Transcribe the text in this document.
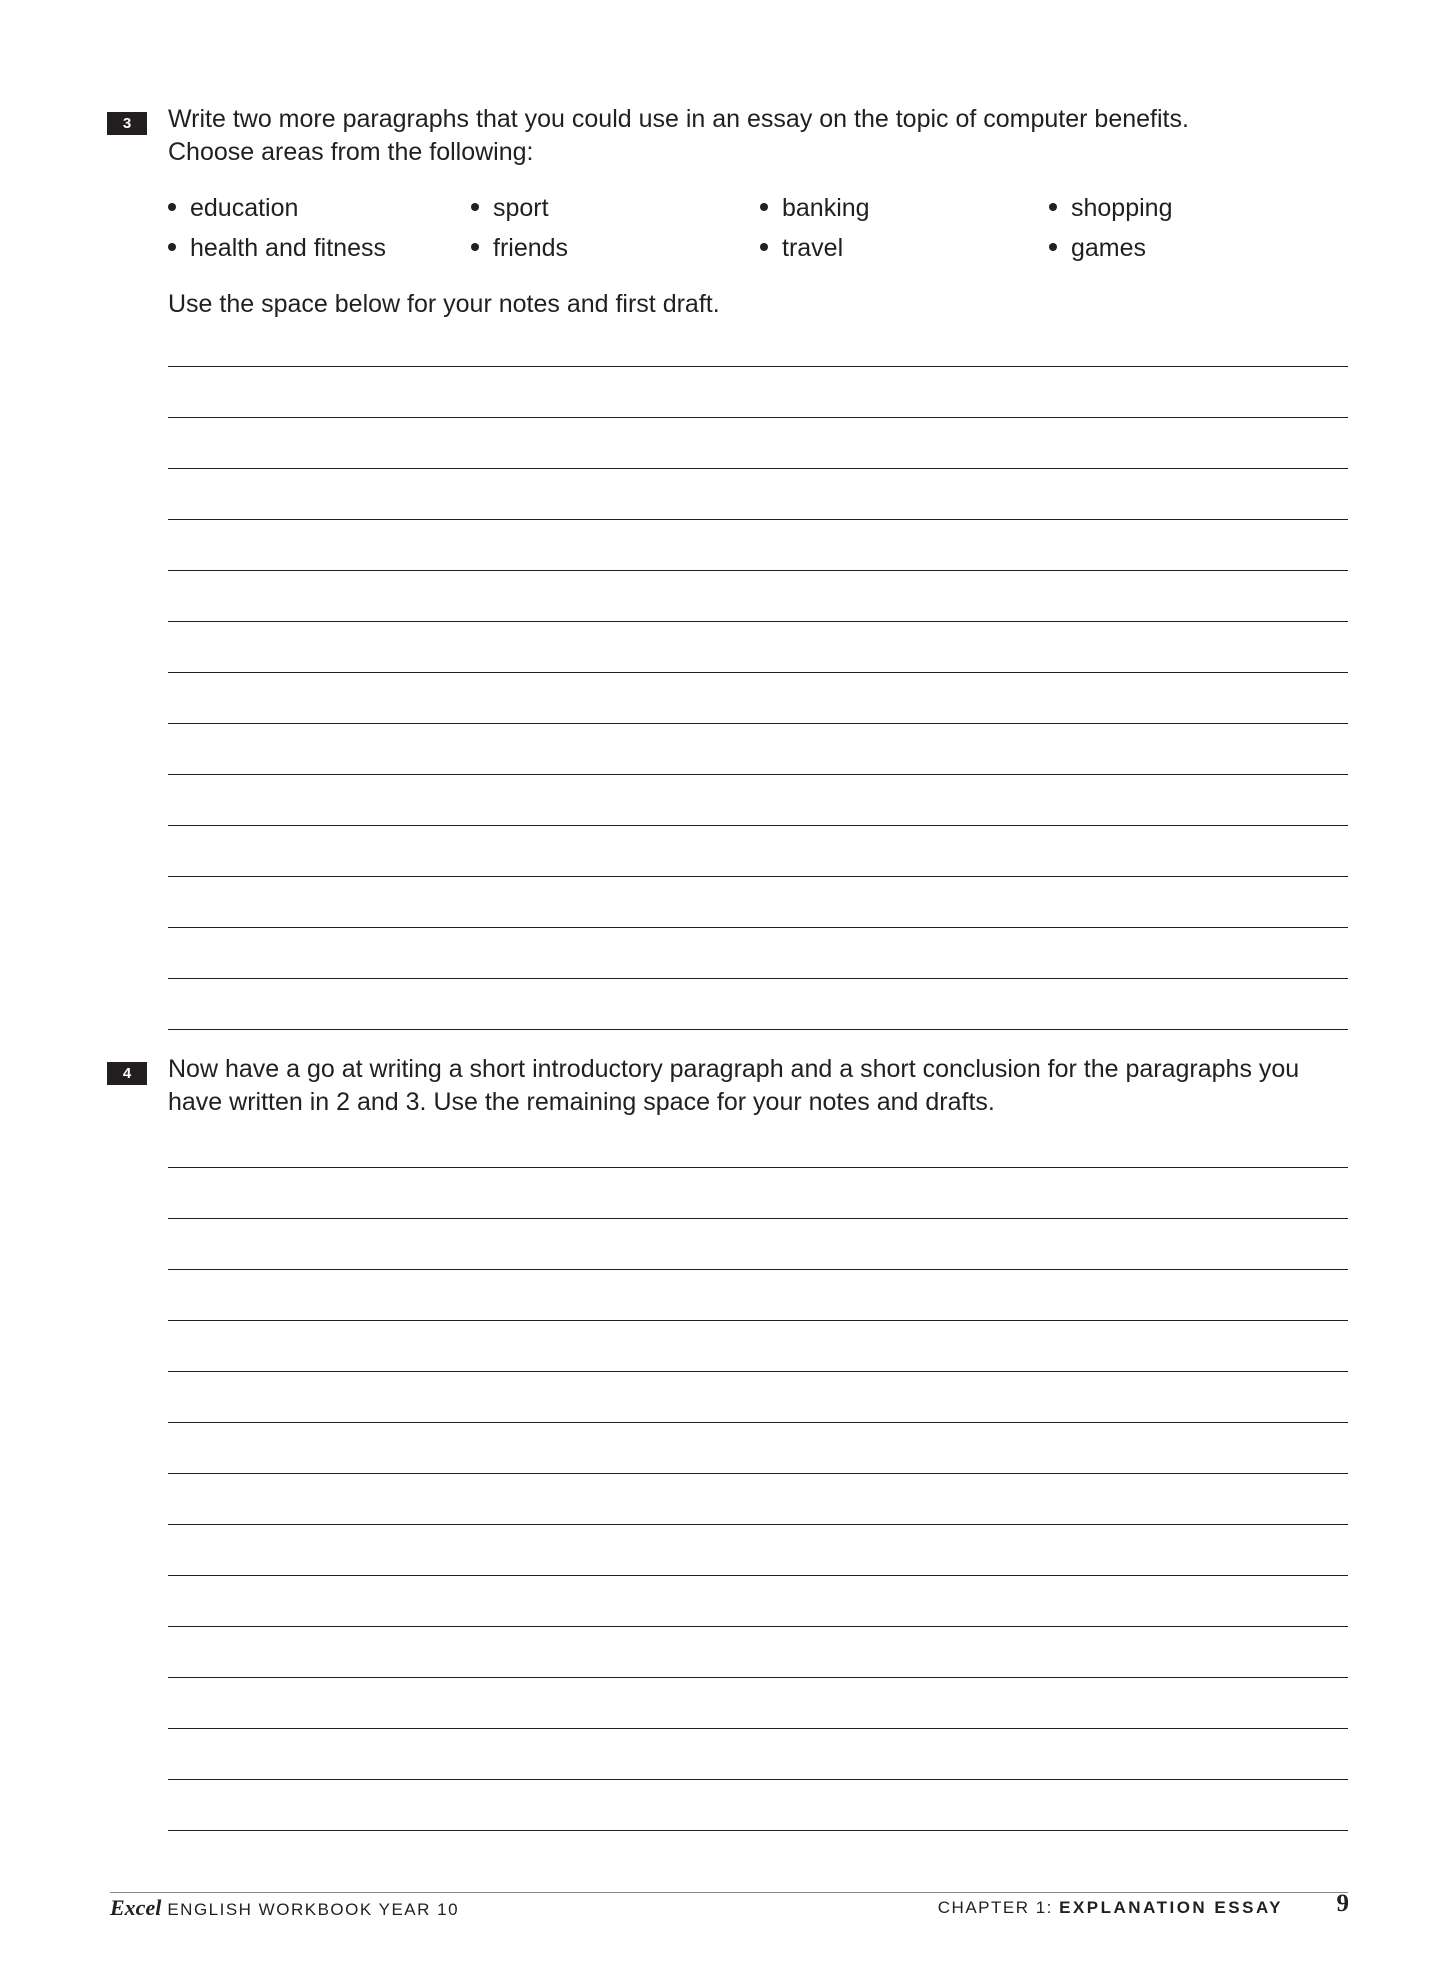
3	Write two more paragraphs that you could use in an essay on the topic of computer benefits.
Choose areas from the following:
education	sport	banking	shopping
health and fitness	friends	travel	games

Use the space below for your notes and first draft.

4	Now have a go at writing a short introductory paragraph and a short conclusion for the paragraphs you
have written in 2 and 3. Use the remaining space for your notes and drafts.
Excel ENGLISH WORKBOOK YEAR 10	CHAPTER 1: EXPLANATION ESSAY 9
